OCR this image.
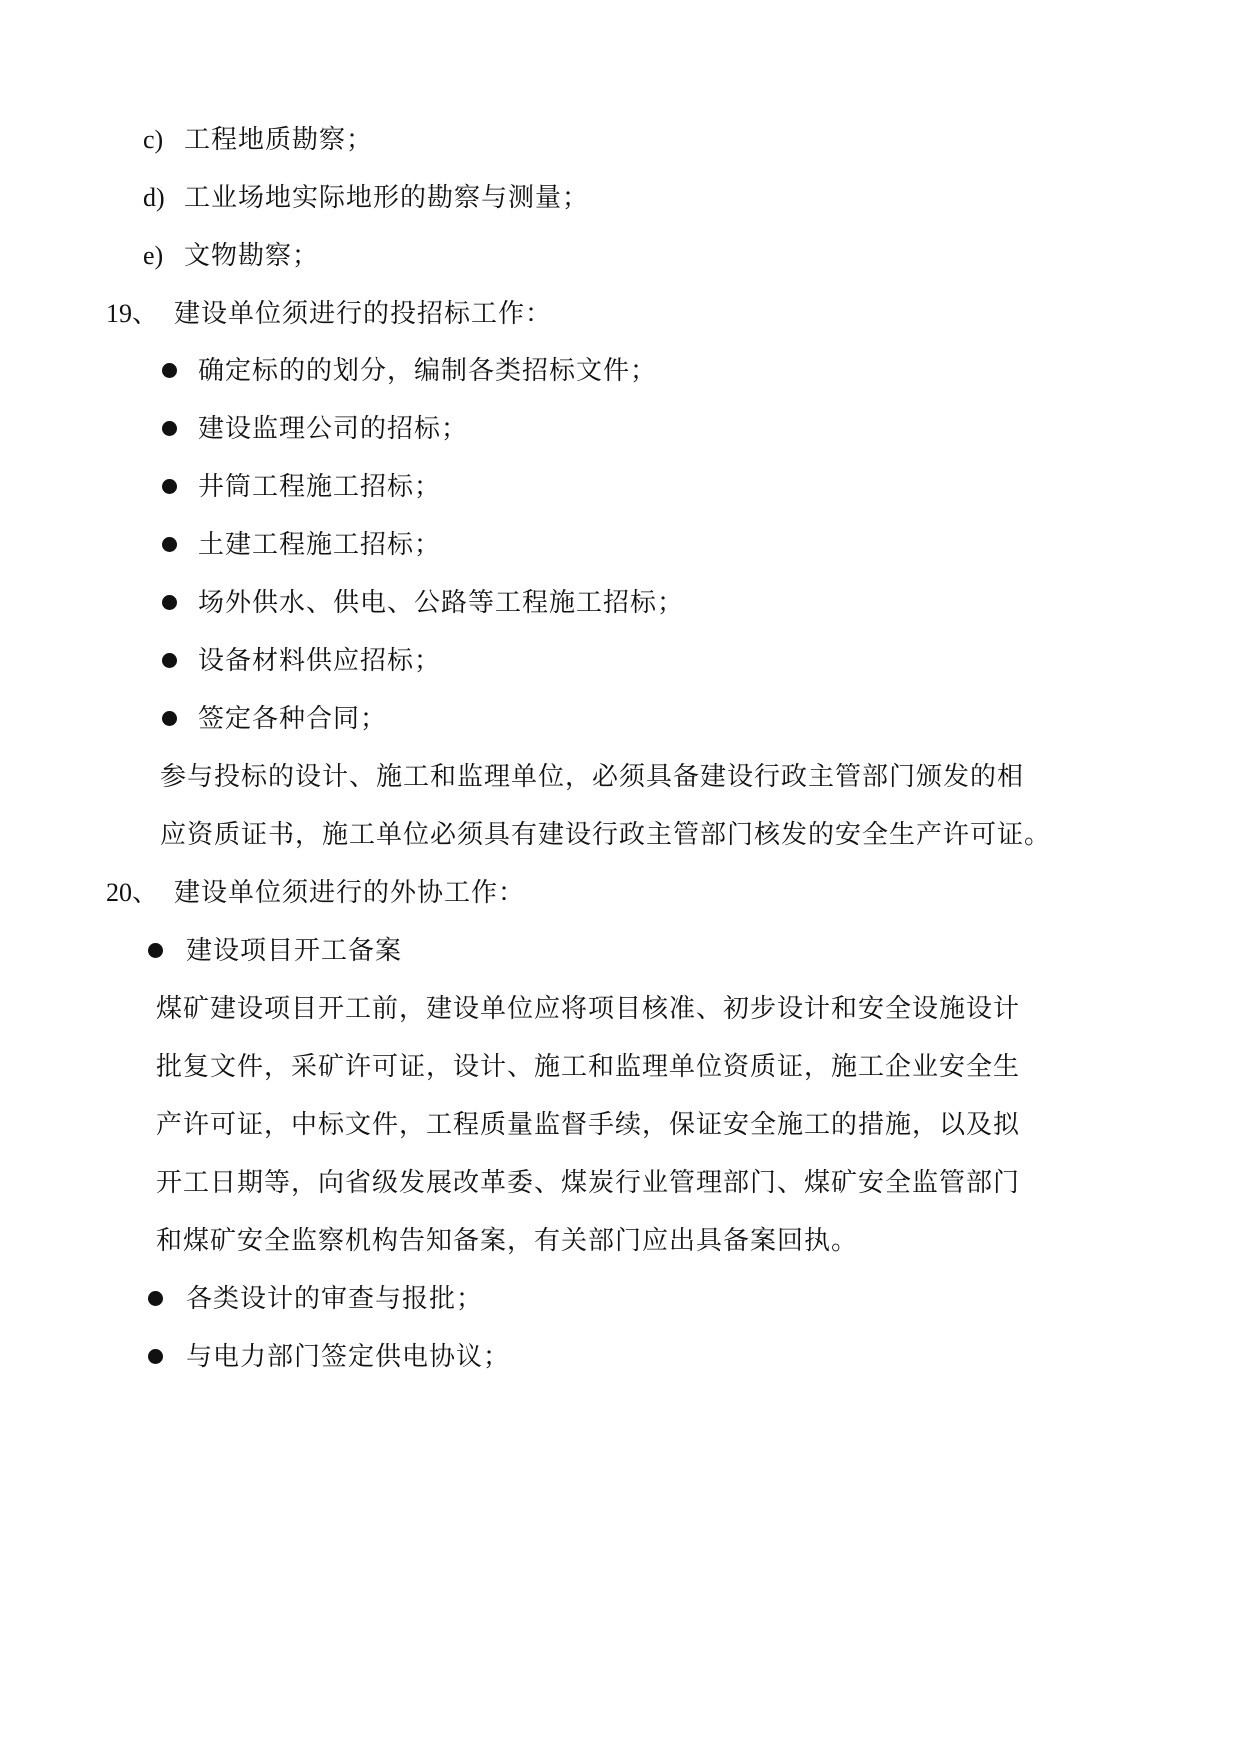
c) 工程地质勘察；
d) 工业场地实际地形的勘察与测量；
e) 文物勘察；
19、 建设单位须进行的投招标工作：
确定标的的划分，编制各类招标文件；
建设监理公司的招标；
井筒工程施工招标；
土建工程施工招标；
场外供水、供电、公路等工程施工招标；
设备材料供应招标；
签定各种合同；
参与投标的设计、施工和监理单位，必须具备建设行政主管部门颁发的相
应资质证书，施工单位必须具有建设行政主管部门核发的安全生产许可证。
20、 建设单位须进行的外协工作：
建设项目开工备案
煤矿建设项目开工前，建设单位应将项目核准、初步设计和安全设施设计
批复文件，采矿许可证，设计、施工和监理单位资质证，施工企业安全生
产许可证，中标文件，工程质量监督手续，保证安全施工的措施，以及拟
开工日期等，向省级发展改革委、煤炭行业管理部门、煤矿安全监管部门
和煤矿安全监察机构告知备案，有关部门应出具备案回执。
各类设计的审查与报批；
与电力部门签定供电协议；
